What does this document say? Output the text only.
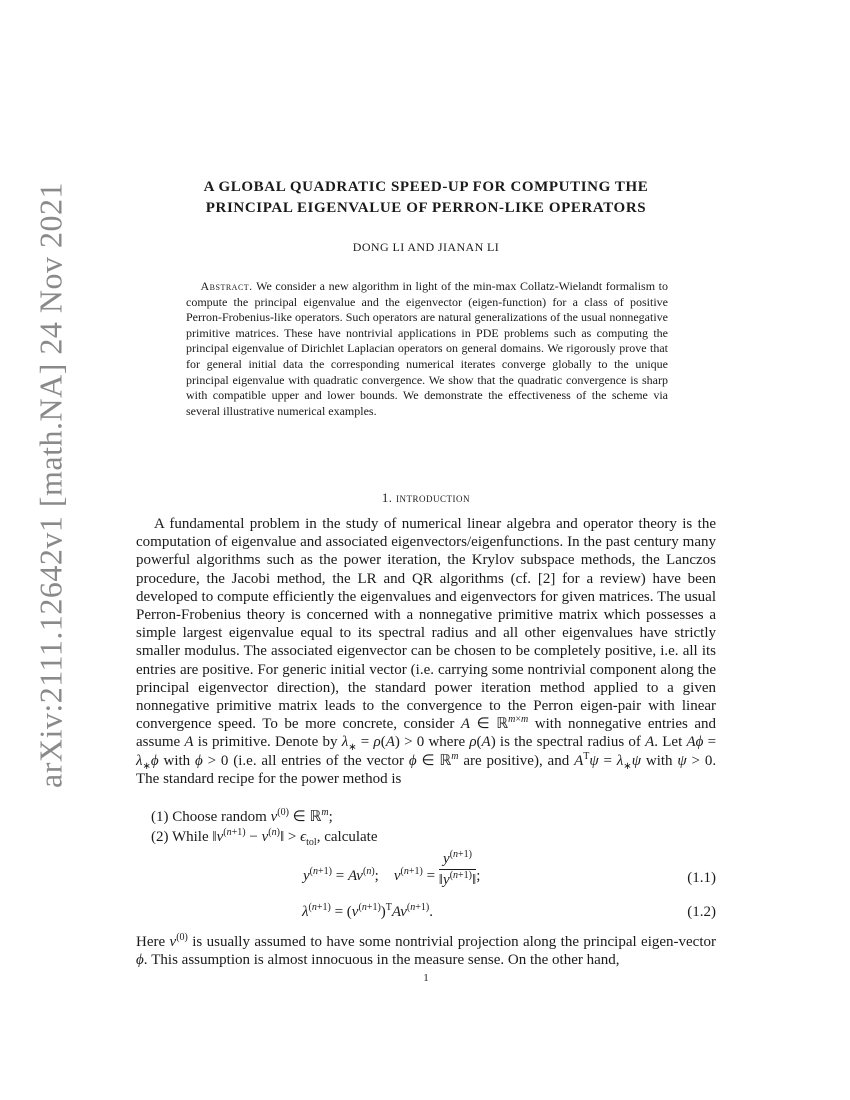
arXiv:2111.12642v1 [math.NA] 24 Nov 2021	A GLOBAL QUADRATIC SPEED-UP FOR COMPUTING THE
PRINCIPAL EIGENVALUE OF PERRON-LIKE OPERATORS
DONG LI AND JIANAN LI
Abstract. We consider a new algorithm in light of the min-max Collatz-Wielandt formalism to compute the principal eigenvalue and the eigenvector (eigen-function) for a class of positive Perron-Frobenius-like operators. Such operators are natural generalizations of the usual nonnegative primitive matrices. These have nontrivial applications in PDE problems such as computing the principal eigenvalue of Dirichlet Laplacian operators on general domains. We rigorously prove that for general initial data the corresponding numerical iterates converge globally to the unique principal eigenvalue with quadratic convergence. We show that the quadratic convergence is sharp with compatible upper and lower bounds. We demonstrate the effectiveness of the scheme via several illustrative numerical examples.
1. introduction

A fundamental problem in the study of numerical linear algebra and operator theory is the computation of eigenvalue and associated eigenvectors/eigenfunctions. In the past century many powerful algorithms such as the power iteration, the Krylov subspace methods, the Lanczos procedure, the Jacobi method, the LR and QR algorithms (cf. [2] for a review) have been developed to compute efficiently the eigenvalues and eigenvectors for given matrices. The usual Perron-Frobenius theory is concerned with a nonnegative primitive matrix which possesses a simple largest eigenvalue equal to its spectral radius and all other eigenvalues have strictly smaller modulus. The associated eigenvector can be chosen to be completely positive, i.e. all its entries are positive. For generic initial vector (i.e. carrying some nontrivial component along the principal eigenvector direction), the standard power iteration method applied to a given nonnegative primitive matrix leads to the convergence to the Perron eigen-pair with linear convergence speed. To be more concrete, consider A ∈ ℝ$^{m\times m}$ with nonnegative entries and assume A is primitive. Denote by $\lambda_∗ = \rho(A) > 0$ where ρ(A) is the spectral radius of A. Let $A\phi = \lambda_∗\phi$ with ϕ > 0 (i.e. all entries of the vector ϕ ∈ ℝ$^m$ are positive), and $A^T\psi = \lambda_∗\psi$ with ψ > 0. The standard recipe for the power method is

(1) Choose random $v^{(0)}$ ∈ ℝ$^m$;
(2) While $‖v^{(n+1)}$ − $v^{(n)}‖ > \epsilon_{tol}$, calculate
$y^{(n+1)} = Av^{(n)}$;    $v^{(n+1)} = \frac{y^{(n+1)}}{‖y^{(n+1)}‖}$ ;	(1.1)
$\lambda^{(n+1)} = (v^{(n+1)})^TAv^{(n+1)}$.	(1.2)

Here $v^{(0)}$ is usually assumed to have some nontrivial projection along the principal eigen-vector ϕ. This assumption is almost innocuous in the measure sense. On the other hand,

1
